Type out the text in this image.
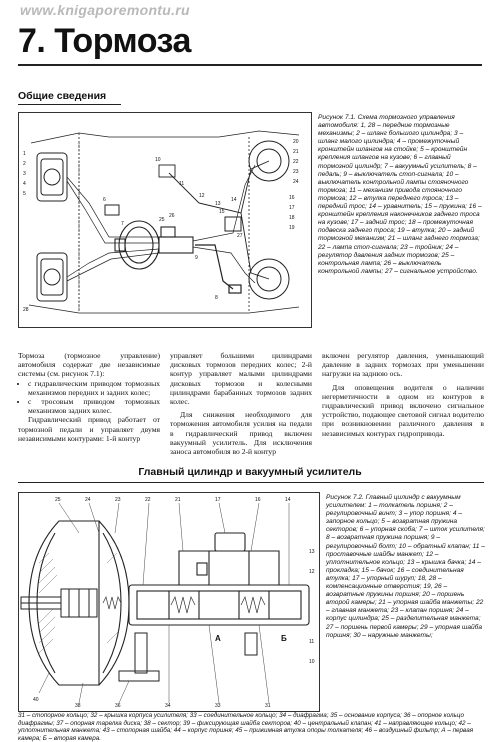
www.knigaporemontu.ru
7. Тормоза
Общие сведения
1
2
3
4
5
6
7
8
9
10
11
12
13
14
15
16
17
18
19
20
21
22
23
24
25
26
27
28
Рисунок 7.1. Схема тормозного управления автомобиля: 1, 28 – передние тормозные механизмы; 2 – шланг большого цилиндра; 3 – шланг малого цилиндра; 4 – промежуточный кронштейн шлангов на стойке; 5 – кронштейн крепления шлангов на кузове; 6 – главный тормозной цилиндр; 7 – вакуумный усилитель; 8 – педаль; 9 – выключатель стоп-сигнала; 10 – выключатель контрольной лампы стояночного тормоза; 11 – механизм привода стояночного тормоза; 12 – втулка переднего троса; 13 – передний трос; 14 – уравнитель; 15 – пружина; 16 – кронштейн крепления наконечников заднего троса на кузове; 17 – задний трос; 18 – промежуточная подвеска заднего троса; 19 – втулка; 20 – задний тормозной механизм; 21 – шланг заднего тормоза; 22 – лампа стоп-сигнала; 23 – тройник; 24 – регулятор давления задних тормозов; 25 – контрольная лампа; 26 – выключатель контрольной лампы; 27 – сигнальное устройство.

Тормоза (тормозное управление) автомобиля содержат две независимые системы (см. рисунок 7.1):

• с гидравлическим приводом тормозных механизмов передних и задних колес;
• с тросовым приводом тормозных механизмов задних колес.

Гидравлический привод работает от тормозной педали и управляет двумя независимыми контурами: 1-й контур

управляет большими цилиндрами дисковых тормозов передних колес; 2-й контур управляет малыми цилиндрами дисковых тормозов и колесными цилиндрами барабанных тормозов задних колес.

Для снижения необходимого для торможения автомобиля усилия на педали в гидравлический привод включен вакуумный усилитель. Для исключения заноса автомобиля во 2-й контур

включен регулятор давления, уменьшающий давление в задних тормозах при уменьшении нагрузки на заднюю ось.

Для оповещения водителя о наличии негерметичности в одном из контуров в гидравлический привод включено сигнальное устройство, подающее световой сигнал водителю при возникновении различного давления в независимых контурах гидропривода.

Главный цилиндр и вакуумный усилитель
А	Б
25	24	23	22	21	17	16	14
13
12
11
10
40
38	36	34	33	31
Рисунок 7.2. Главный цилиндр с вакуумным усилителем: 1 – толкатель поршня; 2 – регулировочный винт; 3 – упор поршня; 4 – запорное кольцо; 5 – возвратная пружина секторов; 6 – упорная скоба; 7 – шток усилителя; 8 – возвратная пружина поршня; 9 – регулировочный болт; 10 – обратный клапан; 11 – проставочные шайбы манжет; 12 – уплотнительное кольцо; 13 – крышка бачка; 14 – прокладка; 15 – бачок; 16 – соединительная втулка; 17 – упорный шуруп; 18, 28 – компенсационные отверстия; 19, 26 – возвратные пружины поршня; 20 – поршень второй камеры; 21 – упорная шайба манжеты; 22 – главная манжета; 23 – клапан поршня; 24 – корпус цилиндра; 25 – разделительная манжета; 27 – поршень первой камеры; 29 – упорная шайба поршня; 30 – наружные манжеты;
31 – стопорное кольцо; 32 – крышка корпуса усилителя; 33 – соединительное кольцо; 34 – диафрагма; 35 – основание корпуса; 36 – опорное кольцо диафрагмы; 37 – опорная тарелка диска; 38 – сектор; 39 – фиксирующая шайба секторов; 40 – центральный клапан; 41 – направляющее кольцо; 42 – уплотнительная манжета; 43 – стопорная шайба; 44 – корпус поршня; 45 – прижимная втулка опоры толкателя; 46 – воздушный фильтр; А – первая камера; Б – вторая камера.
